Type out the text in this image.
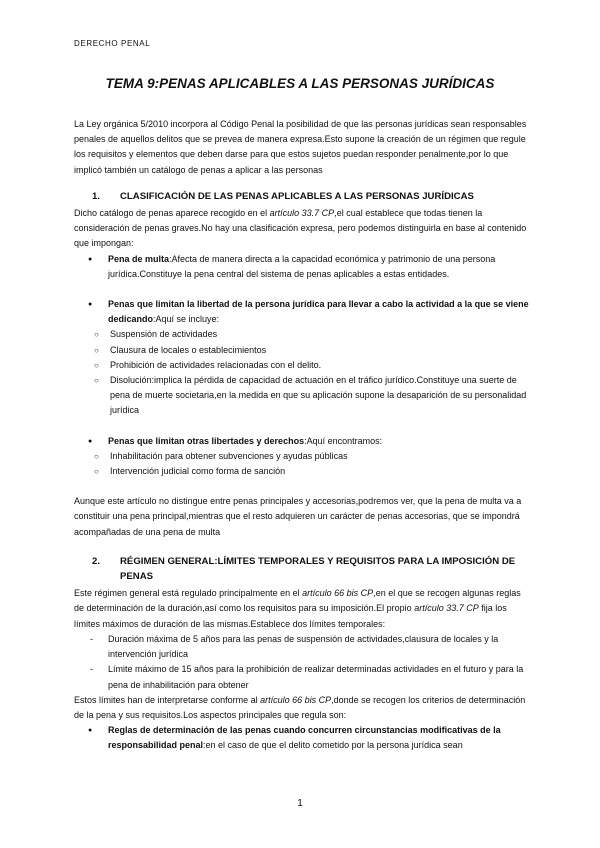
DERECHO PENAL
TEMA 9:PENAS APLICABLES A LAS PERSONAS JURÍDICAS

La Ley orgánica 5/2010 incorpora al Código Penal la posibilidad de que las personas jurídicas sean responsables penales de aquellos delitos que se prevea de manera expresa.Esto supone la creación de un régimen que regule los requisitos y elementos que deben darse para que estos sujetos puedan responder penalmente,por lo que implicó también un catálogo de penas a aplicar a las personas

1.	CLASIFICACIÓN DE LAS PENAS APLICABLES A LAS PERSONAS JURÍDICAS

Dicho catálogo de penas aparece recogido en el artículo 33.7 CP,el cual establece que todas tienen la consideración de penas graves.No hay una clasificación expresa, pero podemos distinguirla en base al contenido que impongan:

●	Pena de multa:Afecta de manera directa a la capacidad económica y patrimonio de una persona jurídica.Constituye la pena central del sistema de penas aplicables a estas entidades.
●	Penas que limitan la libertad de la persona jurídica para llevar a cabo la actividad a la que se viene dedicando:Aquí se incluye:
○	Suspensión de actividades
○	Clausura de locales o establecimientos
○	Prohibición de actividades relacionadas con el delito.
○	Disolución:implica la pérdida de capacidad de actuación en el tráfico jurídico.Constituye una suerte de pena de muerte societaria,en la medida en que su aplicación supone la desaparición de su personalidad jurídica
●	Penas que limitan otras libertades y derechos:Aquí encontramos:
○	Inhabilitación para obtener subvenciones y ayudas públicas
○	Intervención judicial como forma de sanción

Aunque este artículo no distingue entre penas principales y accesorias,podremos ver, que la pena de multa va a constituir una pena principal,mientras que el resto adquieren un carácter de penas accesorias, que se impondrá acompañadas de una pena de multa

2.	RÉGIMEN GENERAL:LÍMITES TEMPORALES Y REQUISITOS PARA LA IMPOSICIÓN DE PENAS

Este régimen general está regulado principalmente en el artículo 66 bis CP,en el que se recogen algunas reglas de determinación de la duración,así como los requisitos para su imposición.El propio artículo 33.7 CP fija los límites máximos de duración de las mismas.Establece dos límites temporales:

-	Duración máxima de 5 años para las penas de suspensión de actividades,clausura de locales y la intervención jurídica
-	Límite máximo de 15 años para la prohibición de realizar determinadas actividades en el futuro y para la pena de inhabilitación para obtener

Estos límites han de interpretarse conforme al artículo 66 bis CP,donde se recogen los criterios de determinación de la pena y sus requisitos.Los aspectos principales que regula son:

●	Reglas de determinación de las penas cuando concurren circunstancias modificativas de la responsabilidad penal:en el caso de que el delito cometido por la persona jurídica sean
1
